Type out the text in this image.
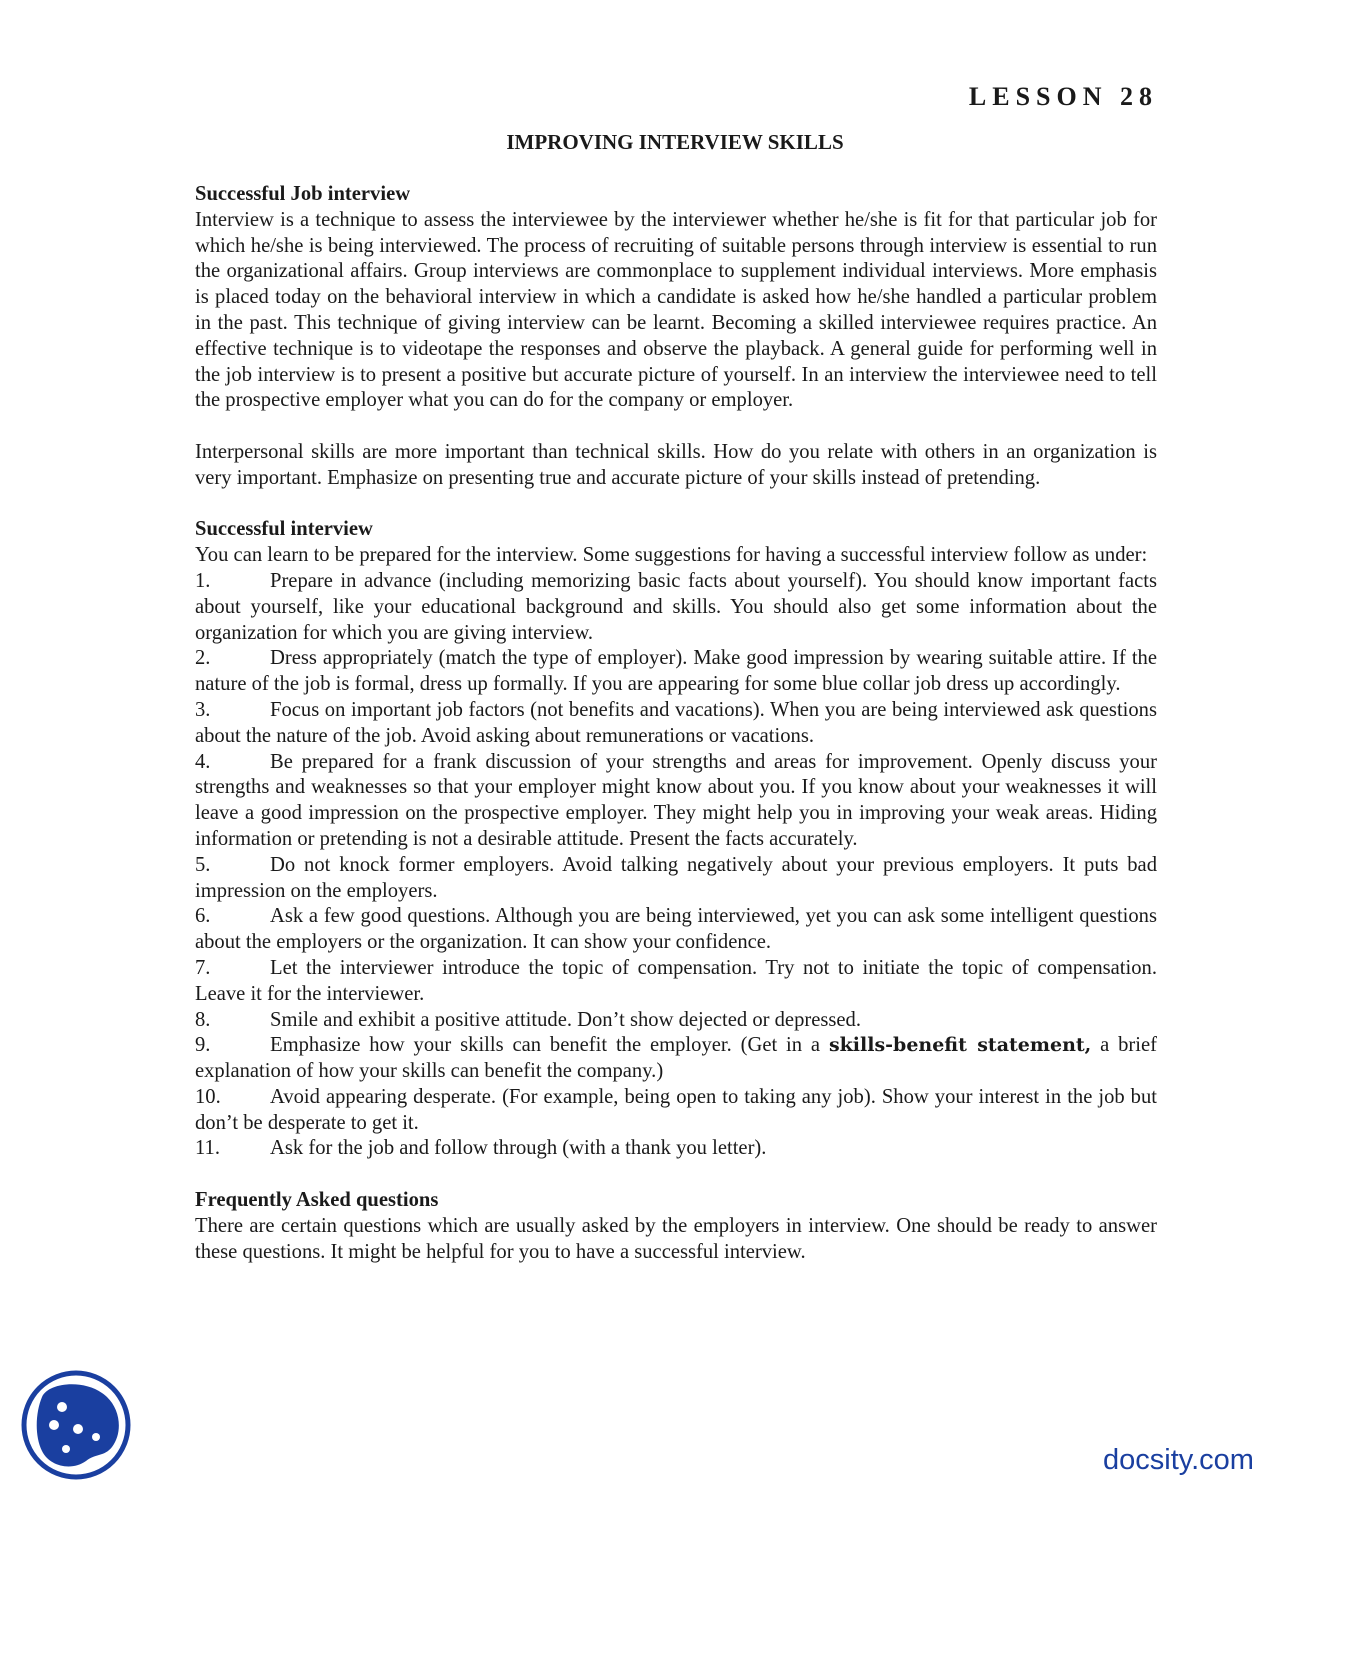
LESSON 28
IMPROVING INTERVIEW SKILLS

Successful Job interview

Interview is a technique to assess the interviewee by the interviewer whether he/she is fit for that particular job for which he/she is being interviewed. The process of recruiting of suitable persons through interview is essential to run the organizational affairs. Group interviews are commonplace to supplement individual interviews. More emphasis is placed today on the behavioral interview in which a candidate is asked how he/she handled a particular problem in the past. This technique of giving interview can be learnt. Becoming a skilled interviewee requires practice. An effective technique is to videotape the responses and observe the playback. A general guide for performing well in the job interview is to present a positive but accurate picture of yourself. In an interview the interviewee need to tell the prospective employer what you can do for the company or employer.

Interpersonal skills are more important than technical skills. How do you relate with others in an organization is very important. Emphasize on presenting true and accurate picture of your skills instead of pretending.

Successful interview

You can learn to be prepared for the interview. Some suggestions for having a successful interview follow as under:

1.	Prepare in advance (including memorizing basic facts about yourself). You should know important facts about yourself, like your educational background and skills. You should also get some information about the organization for which you are giving interview.

2.	Dress appropriately (match the type of employer). Make good impression by wearing suitable attire. If the nature of the job is formal, dress up formally. If you are appearing for some blue collar job dress up accordingly.

3.	Focus on important job factors (not benefits and vacations). When you are being interviewed ask questions about the nature of the job. Avoid asking about remunerations or vacations.

4.	Be prepared for a frank discussion of your strengths and areas for improvement. Openly discuss your strengths and weaknesses so that your employer might know about you. If you know about your weaknesses it will leave a good impression on the prospective employer. They might help you in improving your weak areas. Hiding information or pretending is not a desirable attitude. Present the facts accurately.

5.	Do not knock former employers. Avoid talking negatively about your previous employers. It puts bad impression on the employers.

6.	Ask a few good questions. Although you are being interviewed, yet you can ask some intelligent questions about the employers or the organization. It can show your confidence.

7.	Let the interviewer introduce the topic of compensation. Try not to initiate the topic of compensation. Leave it for the interviewer.

8.	Smile and exhibit a positive attitude. Don’t show dejected or depressed.

9.	Emphasize how your skills can benefit the employer. (Get in a skills-benefit statement, a brief explanation of how your skills can benefit the company.)

10. Avoid appearing desperate. (For example, being open to taking any job). Show your interest in the job but don’t be desperate to get it.

11. Ask for the job and follow through (with a thank you letter).

Frequently Asked questions

There are certain questions which are usually asked by the employers in interview. One should be ready to answer these questions. It might be helpful for you to have a successful interview.

docsity.com
